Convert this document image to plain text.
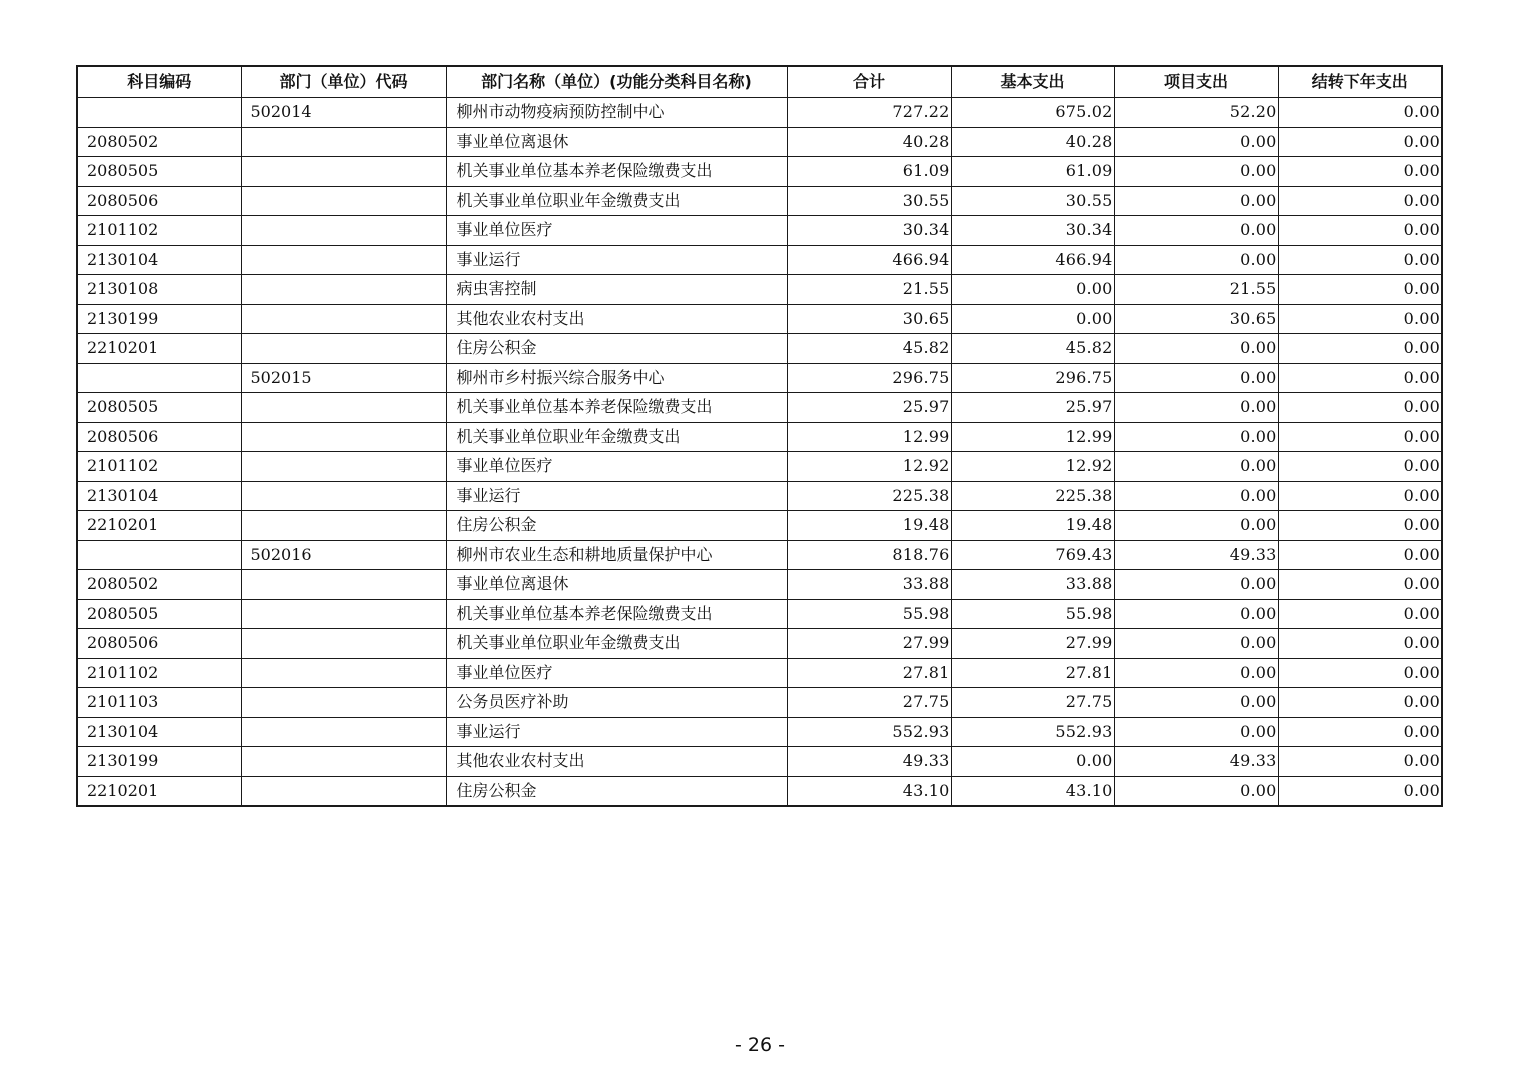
科目编码	部门（单位）代码	部门名称（单位）(功能分类科目名称)	合计	基本支出	项目支出	结转下年支出
	502014	柳州市动物疫病预防控制中心	727.22	675.02	52.20	0.00
2080502		事业单位离退休	40.28	40.28	0.00	0.00
2080505		机关事业单位基本养老保险缴费支出	61.09	61.09	0.00	0.00
2080506		机关事业单位职业年金缴费支出	30.55	30.55	0.00	0.00
2101102		事业单位医疗	30.34	30.34	0.00	0.00
2130104		事业运行	466.94	466.94	0.00	0.00
2130108		病虫害控制	21.55	0.00	21.55	0.00
2130199		其他农业农村支出	30.65	0.00	30.65	0.00
2210201		住房公积金	45.82	45.82	0.00	0.00
	502015	柳州市乡村振兴综合服务中心	296.75	296.75	0.00	0.00
2080505		机关事业单位基本养老保险缴费支出	25.97	25.97	0.00	0.00
2080506		机关事业单位职业年金缴费支出	12.99	12.99	0.00	0.00
2101102		事业单位医疗	12.92	12.92	0.00	0.00
2130104		事业运行	225.38	225.38	0.00	0.00
2210201		住房公积金	19.48	19.48	0.00	0.00
	502016	柳州市农业生态和耕地质量保护中心	818.76	769.43	49.33	0.00
2080502		事业单位离退休	33.88	33.88	0.00	0.00
2080505		机关事业单位基本养老保险缴费支出	55.98	55.98	0.00	0.00
2080506		机关事业单位职业年金缴费支出	27.99	27.99	0.00	0.00
2101102		事业单位医疗	27.81	27.81	0.00	0.00
2101103		公务员医疗补助	27.75	27.75	0.00	0.00
2130104		事业运行	552.93	552.93	0.00	0.00
2130199		其他农业农村支出	49.33	0.00	49.33	0.00
2210201		住房公积金	43.10	43.10	0.00	0.00
- 26 -
